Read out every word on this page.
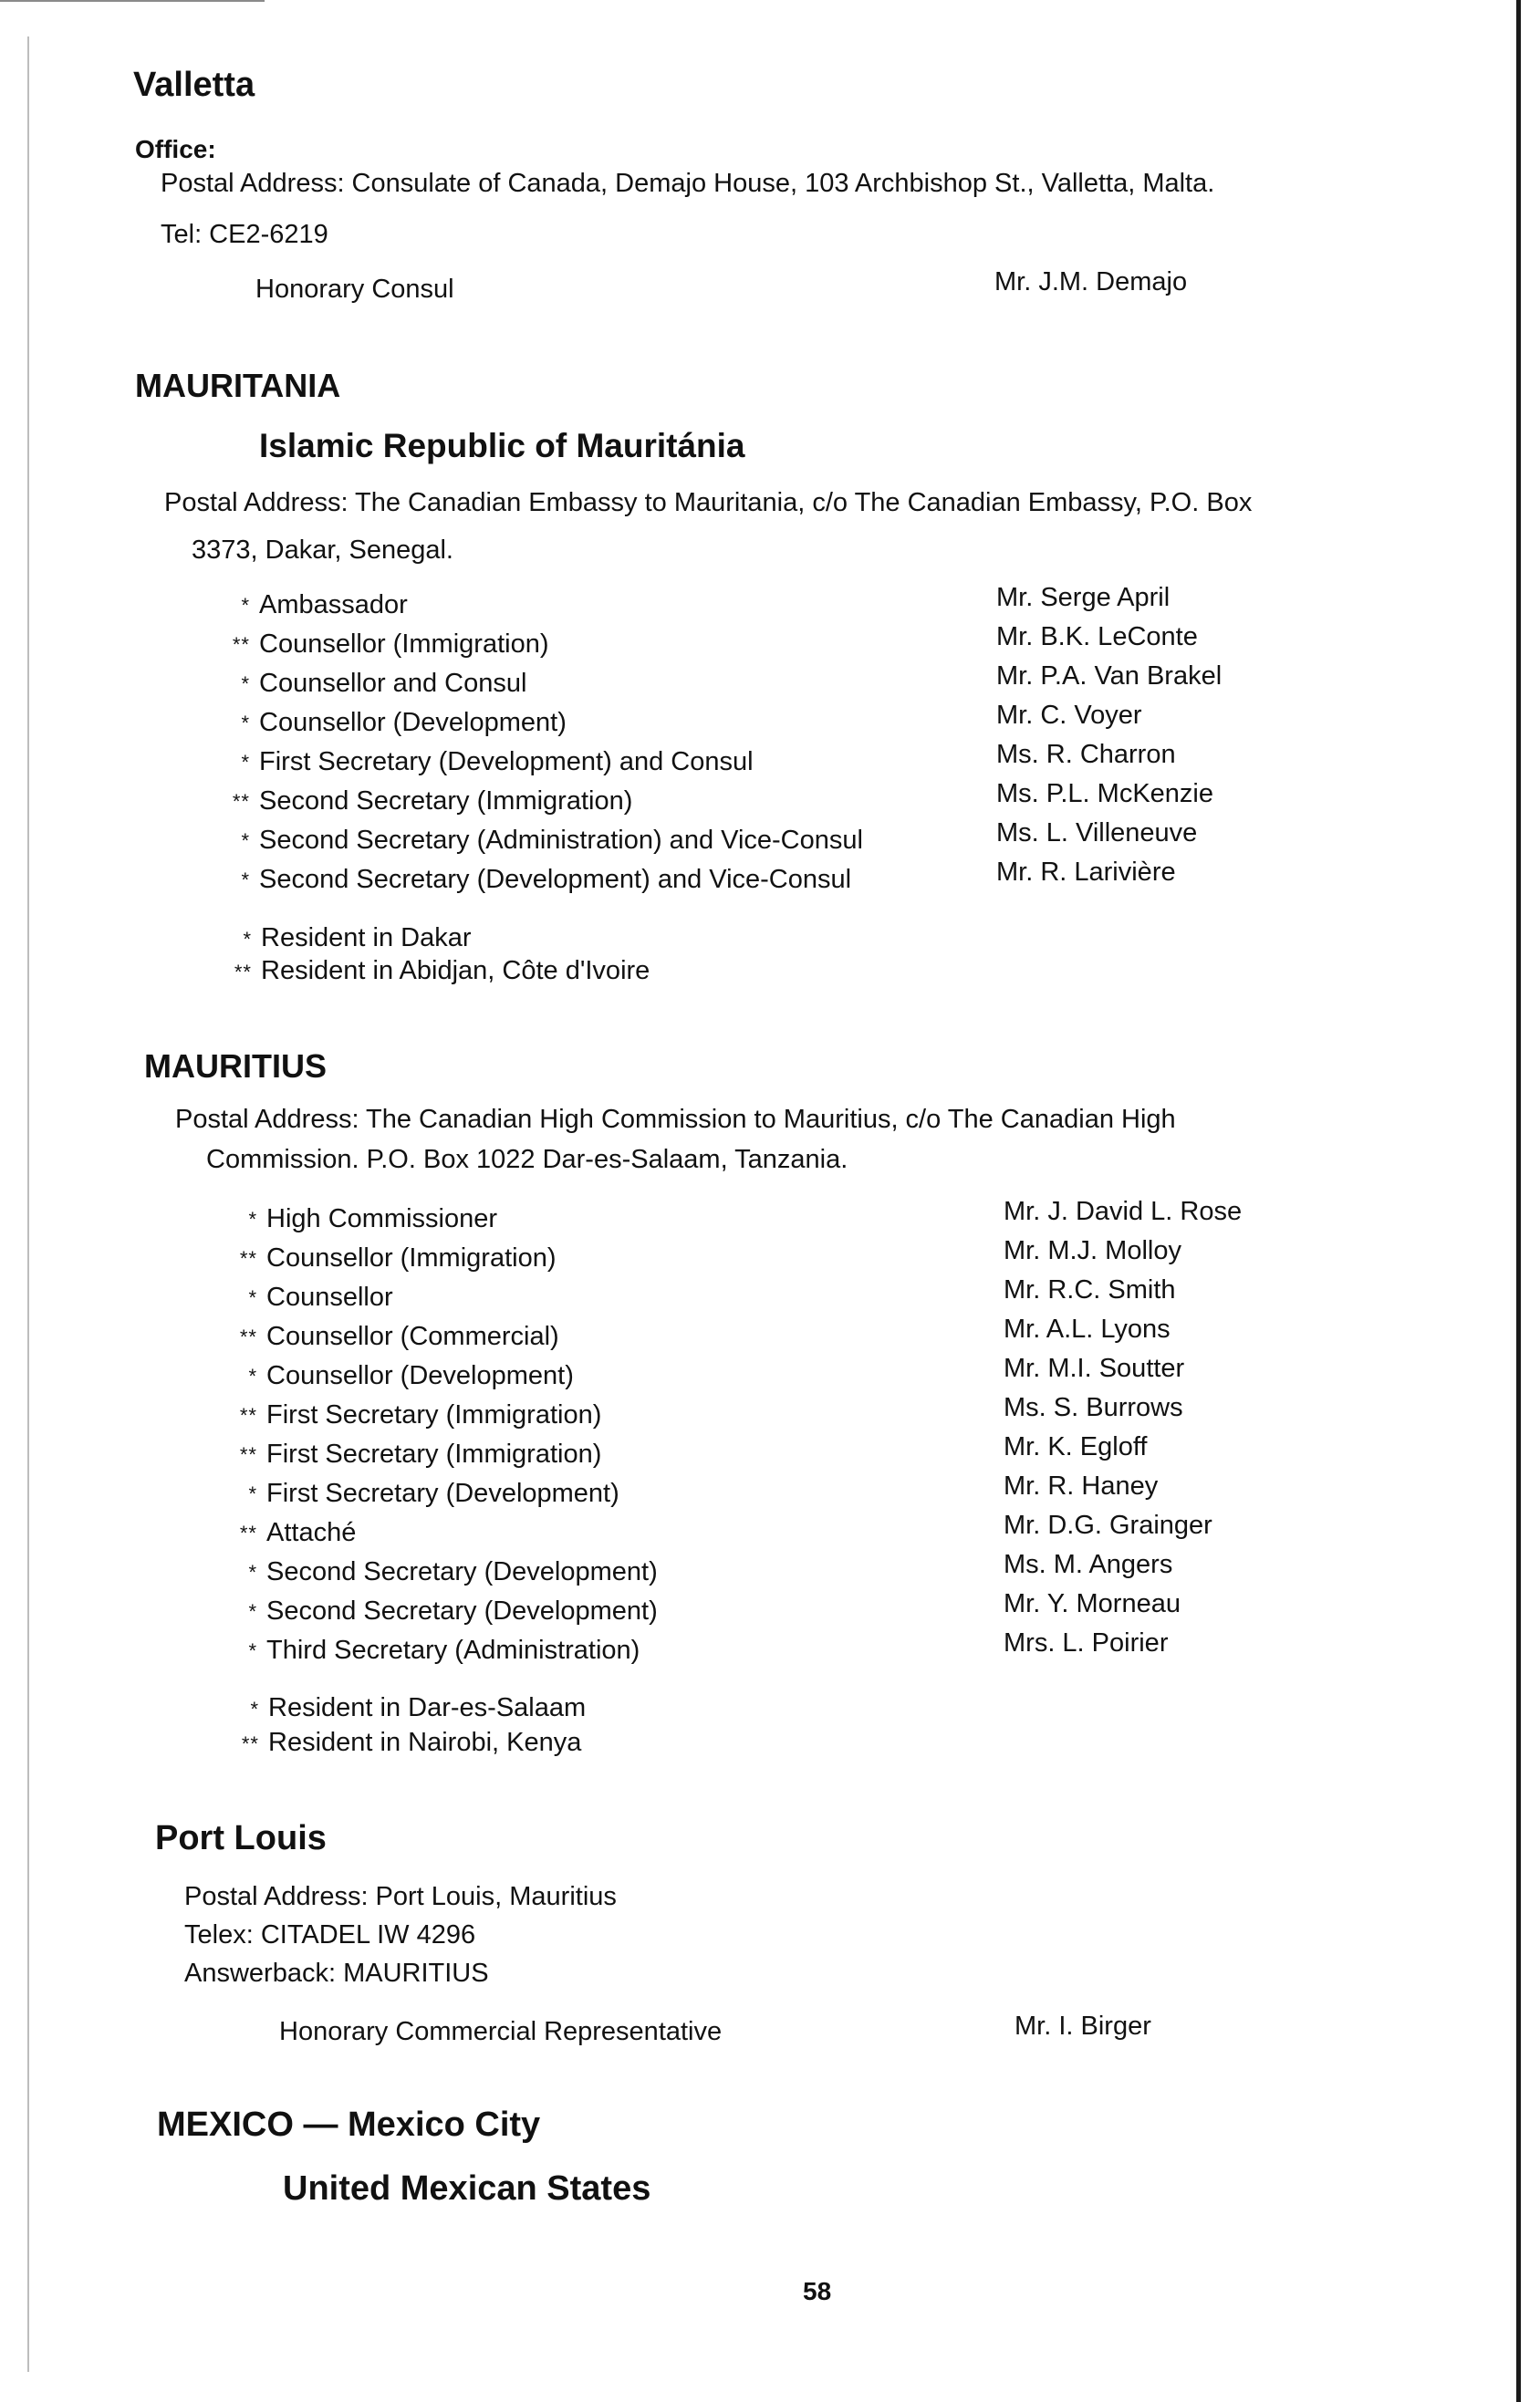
Valletta
Office:
Postal Address: Consulate of Canada, Demajo House, 103 Archbishop St., Valletta, Malta.
Tel: CE2-6219
Honorary Consul	Mr. J.M. Demajo
MAURITANIA
Islamic Republic of Mauritánia
Postal Address: The Canadian Embassy to Mauritania, c/o The Canadian Embassy, P.O. Box
3373, Dakar, Senegal.
* Ambassador	Mr. Serge April
** Counsellor (Immigration)	Mr. B.K. LeConte
* Counsellor and Consul	Mr. P.A. Van Brakel
* Counsellor (Development)	Mr. C. Voyer
* First Secretary (Development) and Consul	Ms. R. Charron
** Second Secretary (Immigration)	Ms. P.L. McKenzie
* Second Secretary (Administration) and Vice-Consul	Ms. L. Villeneuve
* Second Secretary (Development) and Vice-Consul	Mr. R. Larivière
* Resident in Dakar
** Resident in Abidjan, Côte d'Ivoire
MAURITIUS
Postal Address: The Canadian High Commission to Mauritius, c/o The Canadian High
Commission. P.O. Box 1022 Dar-es-Salaam, Tanzania.
* High Commissioner	Mr. J. David L. Rose
** Counsellor (Immigration)	Mr. M.J. Molloy
* Counsellor	Mr. R.C. Smith
** Counsellor (Commercial)	Mr. A.L. Lyons
* Counsellor (Development)	Mr. M.I. Soutter
** First Secretary (Immigration)	Ms. S. Burrows
** First Secretary (Immigration)	Mr. K. Egloff
* First Secretary (Development)	Mr. R. Haney
** Attaché	Mr. D.G. Grainger
* Second Secretary (Development)	Ms. M. Angers
* Second Secretary (Development)	Mr. Y. Morneau
* Third Secretary (Administration)	Mrs. L. Poirier
* Resident in Dar-es-Salaam
** Resident in Nairobi, Kenya
Port Louis
Postal Address: Port Louis, Mauritius
Telex: CITADEL IW 4296
Answerback: MAURITIUS
Honorary Commercial Representative	Mr. I. Birger
MEXICO — Mexico City
United Mexican States
58
